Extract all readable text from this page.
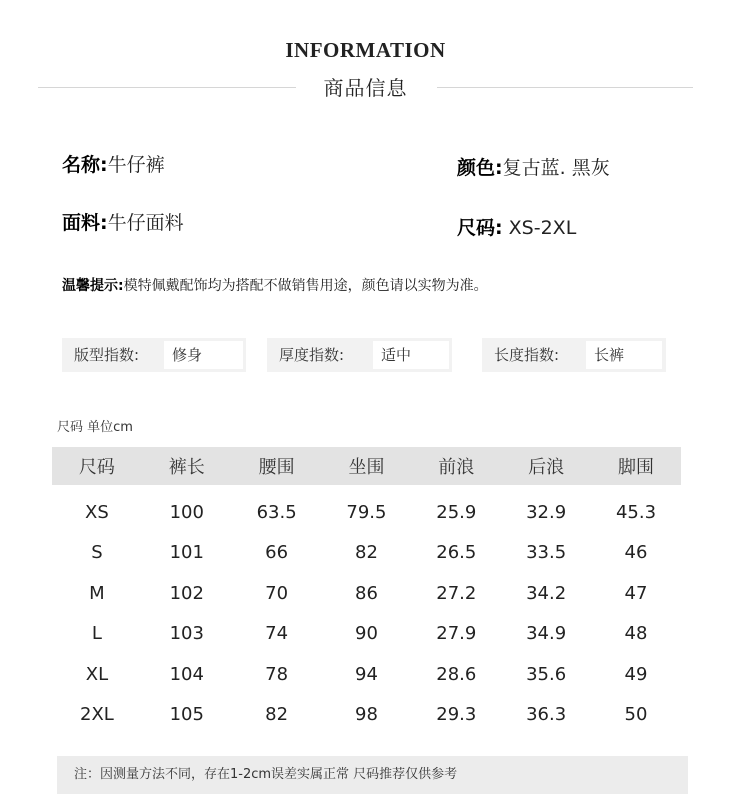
INFORMATION
商品信息
名称:牛仔裤	颜色:复古蓝. 黑灰
面料:牛仔面料	尺码: XS-2XL
温馨提示:模特佩戴配饰均为搭配不做销售用途，颜色请以实物为准。
版型指数:	修身	厚度指数:	适中	长度指数:	长裤
尺码 单位cm
尺码	裤长	腰围	坐围	前浪	后浪	脚围
XS	100	63.5	79.5	25.9	32.9	45.3
S	101	66	82	26.5	33.5	46
M	102	70	86	27.2	34.2	47
L	103	74	90	27.9	34.9	48
XL	104	78	94	28.6	35.6	49
2XL	105	82	98	29.3	36.3	50
注：因测量方法不同，存在1-2cm误差实属正常 尺码推荐仅供参考
